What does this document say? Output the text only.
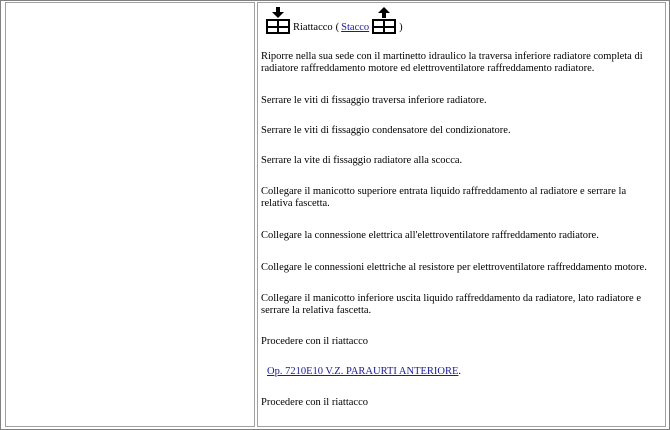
Riattacco ( Stacco	)

Riporre nella sua sede con il martinetto idraulico la traversa inferiore radiatore completa di radiatore raffreddamento motore ed elettroventilatore raffreddamento radiatore.

Serrare le viti di fissaggio traversa inferiore radiatore.

Serrare le viti di fissaggio condensatore del condizionatore.

Serrare la vite di fissaggio radiatore alla scocca.

Collegare il manicotto superiore entrata liquido raffreddamento al radiatore e serrare la relativa fascetta.

Collegare la connessione elettrica all'elettroventilatore raffreddamento radiatore.

Collegare le connessioni elettriche al resistore per elettroventilatore raffreddamento motore.

Collegare il manicotto inferiore uscita liquido raffreddamento da radiatore, lato radiatore e serrare la relativa fascetta.

Procedere con il riattacco

Op. 7210E10 V.Z. PARAURTI ANTERIORE.

Procedere con il riattacco
